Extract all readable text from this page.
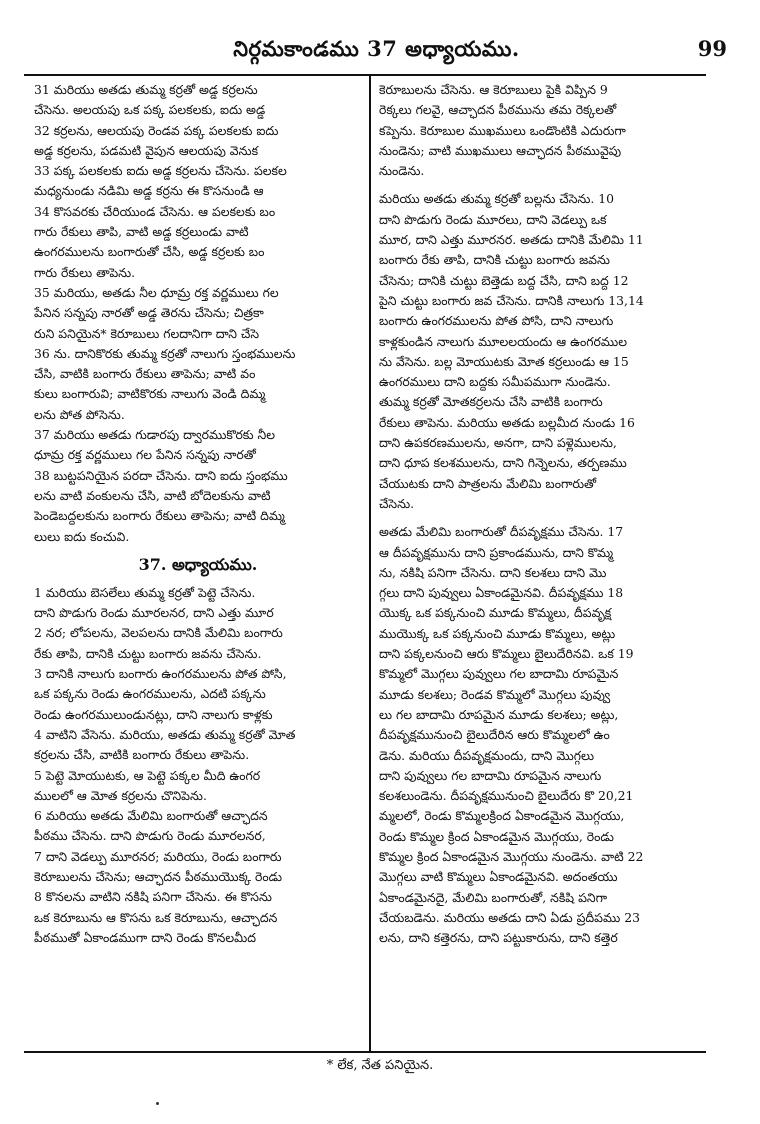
నిర్గమకాండము 37 అధ్యాయము.	99
31 మరియు అతడు తుమ్మ కర్రతో అడ్డ కర్రలను
చేసెను. అలయపు ఒక పక్క పలకలకు, ఐదు అడ్డ
32 కర్రలను, ఆలయపు రెండవ పక్క పలకలకు ఐదు
అడ్డ కర్రలను, పడమటి వైపున ఆలయపు వెనుక
33 పక్క పలకలకు ఐదు అడ్డ కర్రలను చేసెను. పలకల
మధ్యనుండు నడిమి అడ్డ కర్రను ఈ కొసనుండి ఆ
34 కొసవరకు చేరియుండ చేసెను. ఆ పలకలకు బం
గారు రేకులు తాపి, వాటి అడ్డ కర్రలుండు వాటి
ఉంగరములను బంగారుతో చేసి, అడ్డ కర్రలకు బం
గారు రేకులు తాపెను.
35 మరియు, అతడు నీల ధూమ్ర రక్త వర్ణములు గల
పేనిన సన్నపు నారతో అడ్డ తెరను చేసెను; చిత్రకా
రుని పనియైన* కెరూబులు గలదానిగా దాని చేసె
36 ను. దానికొరకు తుమ్మ కర్రతో నాలుగు స్తంభములను
చేసి, వాటికి బంగారు రేకులు తాపెను; వాటి వం
కులు బంగారువి; వాటికొరకు నాలుగు వెండి దిమ్మ
లను పోత పోసెను.
37 మరియు అతడు గుడారపు ద్వారముకొరకు నీల
ధూమ్ర రక్త వర్ణములు గల పేనిన సన్నపు నారతో
38 బుట్టపనియైన పరదా చేసెను. దాని ఐదు స్తంభము
లను వాటి వంకులను చేసి, వాటి బోదెలకును వాటి
పెండెబద్దలకును బంగారు రేకులు తాపెను; వాటి దిమ్మ
లులు ఐదు కంచువి.
37. అధ్యాయము.
1 మరియు బెసలేలు తుమ్మ కర్రతో పెట్టె చేసెను.
దాని పొడుగు రెండు మూరలనర, దాని ఎత్తు మూర
2 నర; లోపలను, వెలపలను దానికి మేలిమి బంగారు
రేకు తాపి, దానికి చుట్టు బంగారు జవను చేసెను.
3 దానికి నాలుగు బంగారు ఉంగరములను పోత పోసి,
ఒక పక్కను రెండు ఉంగరములను, ఎదటి పక్కను
రెండు ఉంగరములుండునట్లు, దాని నాలుగు కాళ్లకు
4 వాటిని వేసెను. మరియు, అతడు తుమ్మ కర్రతో మోత
కర్రలను చేసి, వాటికి బంగారు రేకులు తాపెను.
5 పెట్టె మోయుటకు, ఆ పెట్టె పక్కల మీది ఉంగర
ములలో ఆ మోత కర్రలను చొనిపెను.
6 మరియు అతడు మేలిమి బంగారుతో ఆచ్ఛాదన
పీఠము చేసెను. దాని పొడుగు రెండు మూరలనర,
7 దాని వెడల్పు మూరనర; మరియు, రెండు బంగారు
కెరూబులను చేసెను; ఆచ్ఛాదన పీఠముయొక్క రెండు
8 కొనలను వాటిని నకిషి పనిగా చేసెను. ఈ కొసను
ఒక కెరూబును ఆ కొసను ఒక కెరూబును, ఆచ్ఛాదన
పీఠముతో ఏకాండముగా దాని రెండు కొనలమీద
కెరూబులను చేసెను. ఆ కెరూబులు పైకి విప్పిన 9
రెక్కలు గలవై, ఆచ్ఛాదన పీఠమును తమ రెక్కలతో
కప్పెను. కెరూబుల ముఖములు ఒండొంటికి ఎదురుగా
నుండెను; వాటి ముఖములు ఆచ్ఛాదన పీఠమువైపు
నుండెను.
మరియు అతడు తుమ్మ కర్రతో బల్లను చేసెను. 10
దాని పొడుగు రెండు మూరలు, దాని వెడల్పు ఒక
మూర, దాని ఎత్తు మూరనర. అతడు దానికి మేలిమి 11
బంగారు రేకు తాపి, దానికి చుట్టు బంగారు జవను
చేసెను; దానికి చుట్టు బెత్తెడు బద్ద చేసి, దాని బద్ద 12
పైని చుట్టు బంగారు జవ చేసెను. దానికి నాలుగు 13,14
బంగారు ఉంగరములను పోత పోసి, దాని నాలుగు
కాళ్లకుండిన నాలుగు మూలలయందు ఆ ఉంగరముల
ను వేసెను. బల్ల మోయుటకు మోత కర్రలుండు ఆ 15
ఉంగరములు దాని బద్దకు సమీపముగా నుండెను.
తుమ్మ కర్రతో మోతకర్రలను చేసి వాటికి బంగారు
రేకులు తాపెను. మరియు అతడు బల్లమీద నుండు 16
దాని ఉపకరణములను, అనగా, దాని పళ్లెములను,
దాని ధూప కలశములను, దాని గిన్నెలను, తర్పణము
చేయుటకు దాని పాత్రలను మేలిమి బంగారుతో
చేసెను.
అతడు మేలిమి బంగారుతో దీపవృక్షము చేసెను. 17
ఆ దీపవృక్షమును దాని ప్రకాండమును, దాని కొమ్మ
ను, నకిషి పనిగా చేసెను. దాని కలశలు దాని మొ
గ్గలు దాని పువ్వులు ఏకాండమైనవి. దీపవృక్షము 18
యొక్క ఒక పక్కనుంచి మూడు కొమ్మలు, దీపవృక్ష
ముయొక్క ఒక పక్కనుంచి మూడు కొమ్మలు, అట్లు
దాని పక్కలనుంచి ఆరు కొమ్మలు బైలుదేరినవి. ఒక 19
కొమ్మలో మొగ్గలు పువ్వులు గల బాదామి రూపమైన
మూడు కలశలు; రెండవ కొమ్మలో మొగ్గలు పువ్వు
లు గల బాదామి రూపమైన మూడు కలశలు; అట్లు,
దీపవృక్షమునుంచి బైలుదేరిన ఆరు కొమ్మలలో ఉం
డెను. మరియు దీపవృక్షమందు, దాని మొగ్గలు
దాని పువ్వులు గల బాదామి రూపమైన నాలుగు
కలశలుండెను. దీపవృక్షమునుంచి బైలుదేరు కొ 20,21
మ్మలలో, రెండు కొమ్మలక్రింద ఏకాండమైన మొగ్గయు,
రెండు కొమ్మల క్రింద ఏకాండమైన మొగ్గయు, రెండు
కొమ్మల క్రింద ఏకాండమైన మొగ్గయు నుండెను. వాటి 22
మొగ్గలు వాటి కొమ్మలు ఏకాండమైనవి. అదంతయు
ఏకాండమైనదై, మేలిమి బంగారుతో, నకిషి పనిగా
చేయబడెను. మరియు అతడు దాని ఏడు ప్రదీపము 23
లను, దాని కత్తెరను, దాని పట్టుకారును, దాని కత్తెర
* లేక, నేత పనియైన.
